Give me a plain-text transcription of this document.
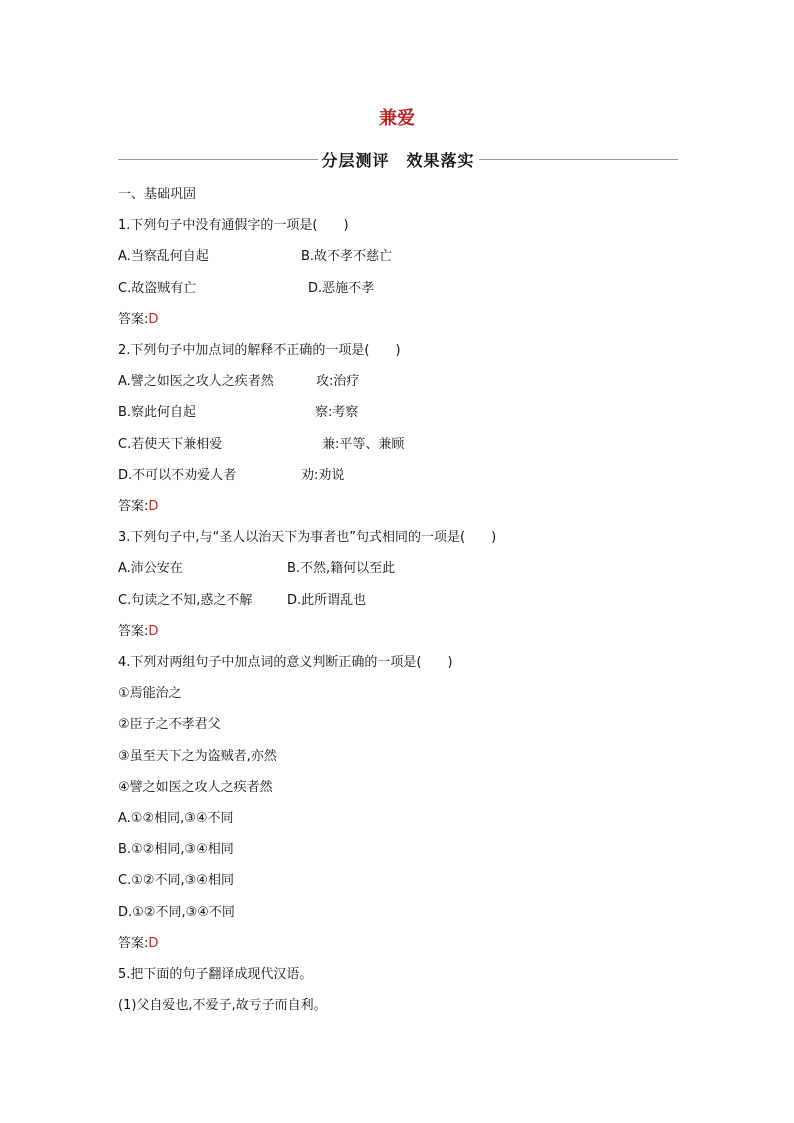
兼爱
分层测评　效果落实
一、基础巩固
1.下列句子中没有通假字的一项是(　　)
A.当察乱何自起	B.故不孝不慈亡
C.故盗贼有亡	D.恶施不孝
答案:D
2.下列句子中加点词的解释不正确的一项是(　　)
A.譬之如医之攻人之疾者然	攻:治疗
B.察此何自起	察:考察
C.若使天下兼相爱	兼:平等、兼顾
D.不可以不劝爱人者	劝:劝说
答案:D
3.下列句子中,与“圣人以治天下为事者也”句式相同的一项是(　　)
A.沛公安在	B.不然,籍何以至此
C.句读之不知,惑之不解	D.此所谓乱也
答案:D
4.下列对两组句子中加点词的意义判断正确的一项是(　　)
①焉能治之
②臣子之不孝君父
③虽至天下之为盗贼者,亦然
④譬之如医之攻人之疾者然
A.①②相同,③④不同
B.①②相同,③④相同
C.①②不同,③④相同
D.①②不同,③④不同
答案:D
5.把下面的句子翻译成现代汉语。
(1)父自爱也,不爱子,故亏子而自利。
